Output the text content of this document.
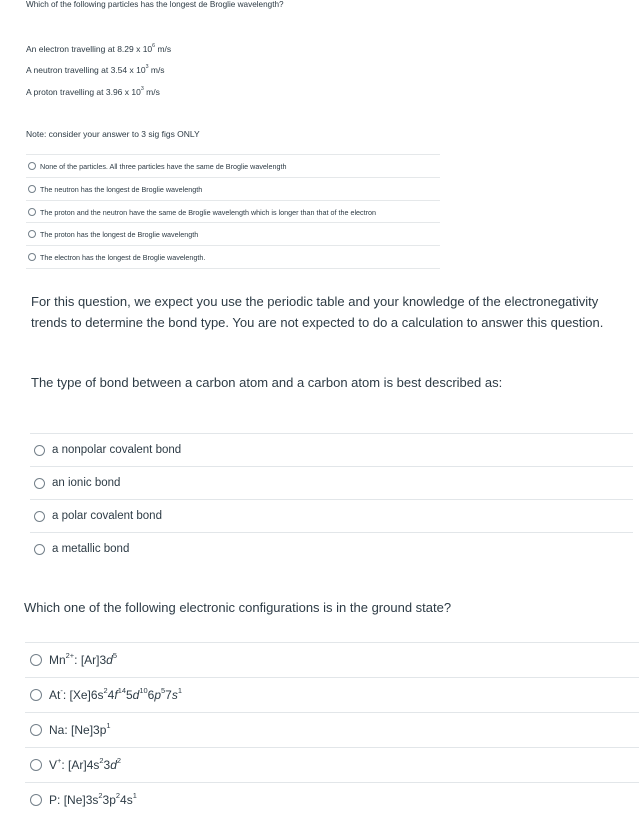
Which of the following particles has the longest de Broglie wavelength?
An electron travelling at 8.29 x $10^6$ m/s
A neutron travelling at 3.54 x $10^3$ m/s
A proton travelling at 3.96 x $10^3$ m/s
Note: consider your answer to 3 sig figs ONLY
None of the particles. All three particles have the same de Broglie wavelength
The neutron has the longest de Broglie wavelength
The proton and the neutron have the same de Broglie wavelength which is longer than that of the electron
The proton has the longest de Broglie wavelength
The electron has the longest de Broglie wavelength.
For this question, we expect you use the periodic table and your knowledge of the electronegativity trends to determine the bond type. You are not expected to do a calculation to answer this question.
The type of bond between a carbon atom and a carbon atom is best described as:
a nonpolar covalent bond
an ionic bond
a polar covalent bond
a metallic bond
Which one of the following electronic configurations is in the ground state?
$Mn^{2+}$: $[Ar]3d^5$
At-: $[Xe]6s^24f^{14}5d^{10}6p^57s^1$
Na: $[Ne]3p^1$
V+: $[Ar]4s^23d^2$
P: $[Ne]3s^23p^24s^1$
